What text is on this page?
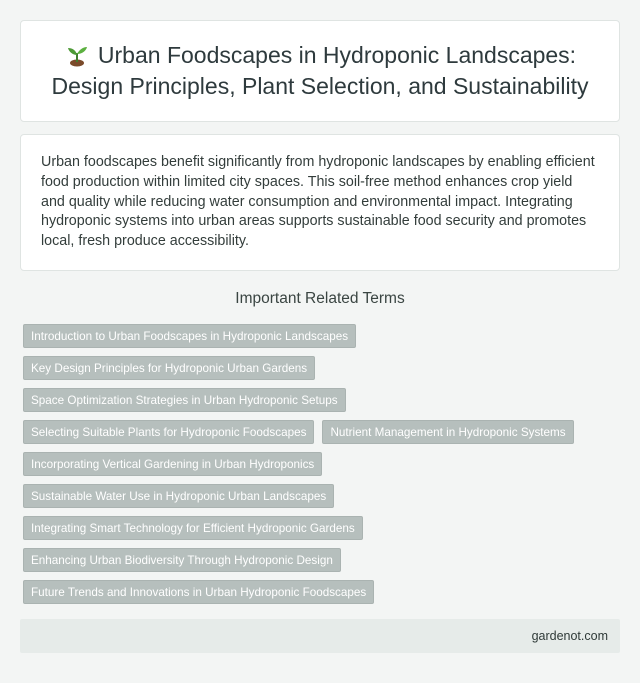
Urban Foodscapes in Hydroponic Landscapes: Design Principles, Plant Selection, and Sustainability

Urban foodscapes benefit significantly from hydroponic landscapes by enabling efficient food production within limited city spaces. This soil-free method enhances crop yield and quality while reducing water consumption and environmental impact. Integrating hydroponic systems into urban areas supports sustainable food security and promotes local, fresh produce accessibility.

Important Related Terms
Introduction to Urban Foodscapes in Hydroponic Landscapes
Key Design Principles for Hydroponic Urban Gardens
Space Optimization Strategies in Urban Hydroponic Setups
Selecting Suitable Plants for Hydroponic Foodscapes	Nutrient Management in Hydroponic Systems
Incorporating Vertical Gardening in Urban Hydroponics
Sustainable Water Use in Hydroponic Urban Landscapes
Integrating Smart Technology for Efficient Hydroponic Gardens
Enhancing Urban Biodiversity Through Hydroponic Design
Future Trends and Innovations in Urban Hydroponic Foodscapes
gardenot.com
